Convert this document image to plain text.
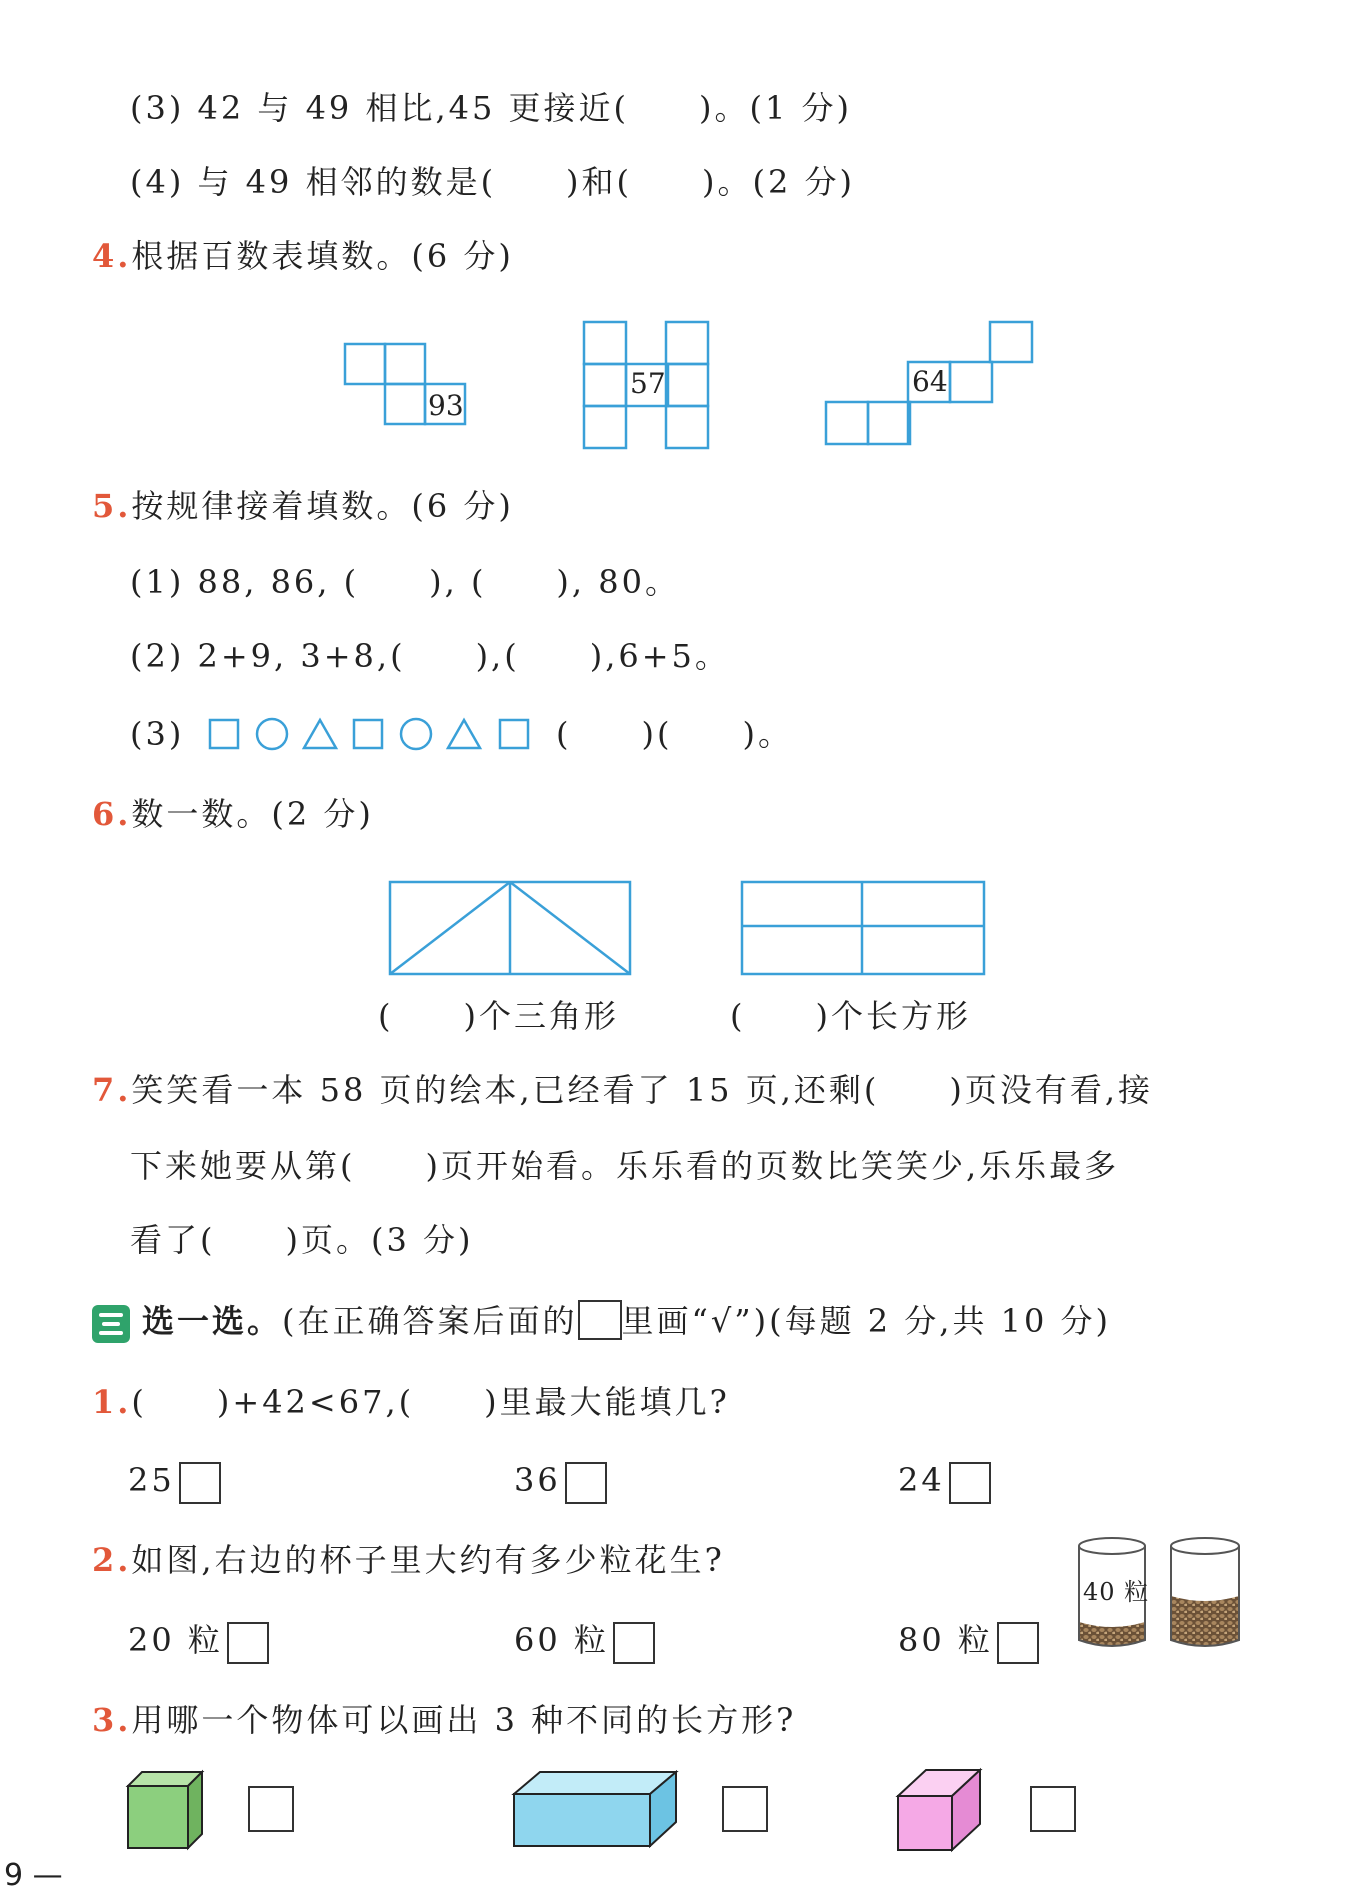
(3) 42 与 49 相比,45 更接近(　　)。(1 分)
(4) 与 49 相邻的数是(　　)和(　　)。(2 分)
4.根据百数表填数。(6 分)
93
57	64
5.按规律接着填数。(6 分)
(1) 88, 86, (　　), (　　), 80。
(2) 2+9, 3+8,(　　),(　　),6+5。
(3)	(　　)(　　)。
6.数一数。(2 分)
(　　)个三角形	(　　)个长方形
7.笑笑看一本 58 页的绘本,已经看了 15 页,还剩(　　)页没有看,接
下来她要从第(　　)页开始看。乐乐看的页数比笑笑少,乐乐最多
看了(　　)页。(3 分)
选一选。(在正确答案后面的 里画“√”)(每题 2 分,共 10 分)
1.(　　)+42<67,(　　)里最大能填几?
25	36	24
2.如图,右边的杯子里大约有多少粒花生?
20 粒	60 粒	80 粒
40 粒
3.用哪一个物体可以画出 3 种不同的长方形?
9 —
